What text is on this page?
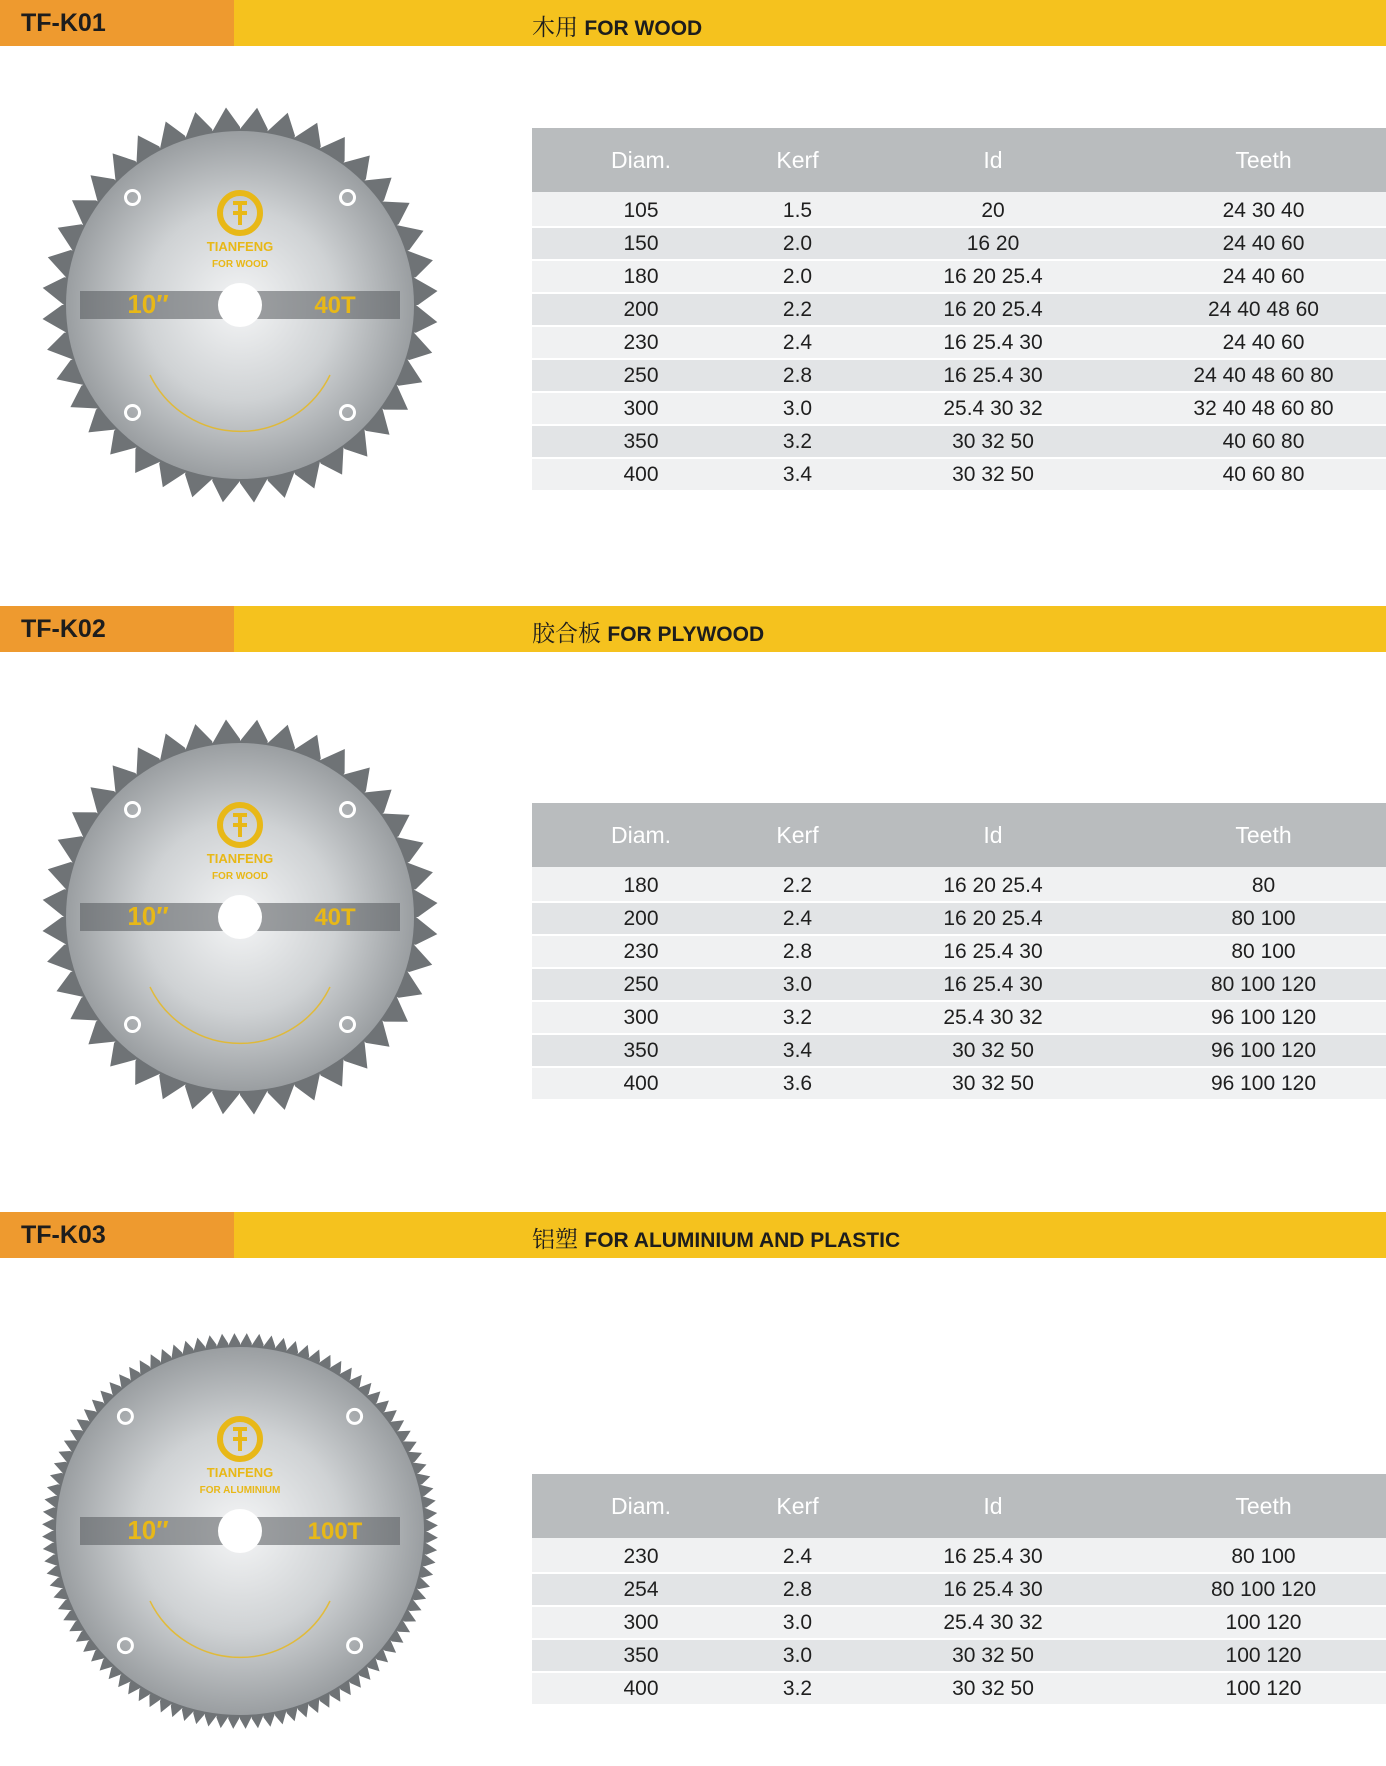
TF-K01	木用 FOR WOOD
TIANFENG
FOR WOOD
10″	40T
Diam.	Kerf	Id	Teeth
105	1.5	20	24 30 40
150	2.0	16 20	24 40 60
180	2.0	16 20 25.4	24 40 60
200	2.2	16 20 25.4	24 40 48 60
230	2.4	16 25.4 30	24 40 60
250	2.8	16 25.4 30	24 40 48 60 80
300	3.0	25.4 30 32	32 40 48 60 80
350	3.2	30 32 50	40 60 80
400	3.4	30 32 50	40 60 80
TF-K02	胶合板 FOR PLYWOOD
TIANFENG
FOR WOOD
10″	40T
Diam.	Kerf	Id	Teeth
180	2.2	16 20 25.4	80
200	2.4	16 20 25.4	80 100
230	2.8	16 25.4 30	80 100
250	3.0	16 25.4 30	80 100 120
300	3.2	25.4 30 32	96 100 120
350	3.4	30 32 50	96 100 120
400	3.6	30 32 50	96 100 120
TF-K03	铝塑 FOR ALUMINIUM AND PLASTIC
TIANFENG
FOR ALUMINIUM
10″	100T
Diam.	Kerf	Id	Teeth
230	2.4	16 25.4 30	80 100
254	2.8	16 25.4 30	80 100 120
300	3.0	25.4 30 32	100 120
350	3.0	30 32 50	100 120
400	3.2	30 32 50	100 120
